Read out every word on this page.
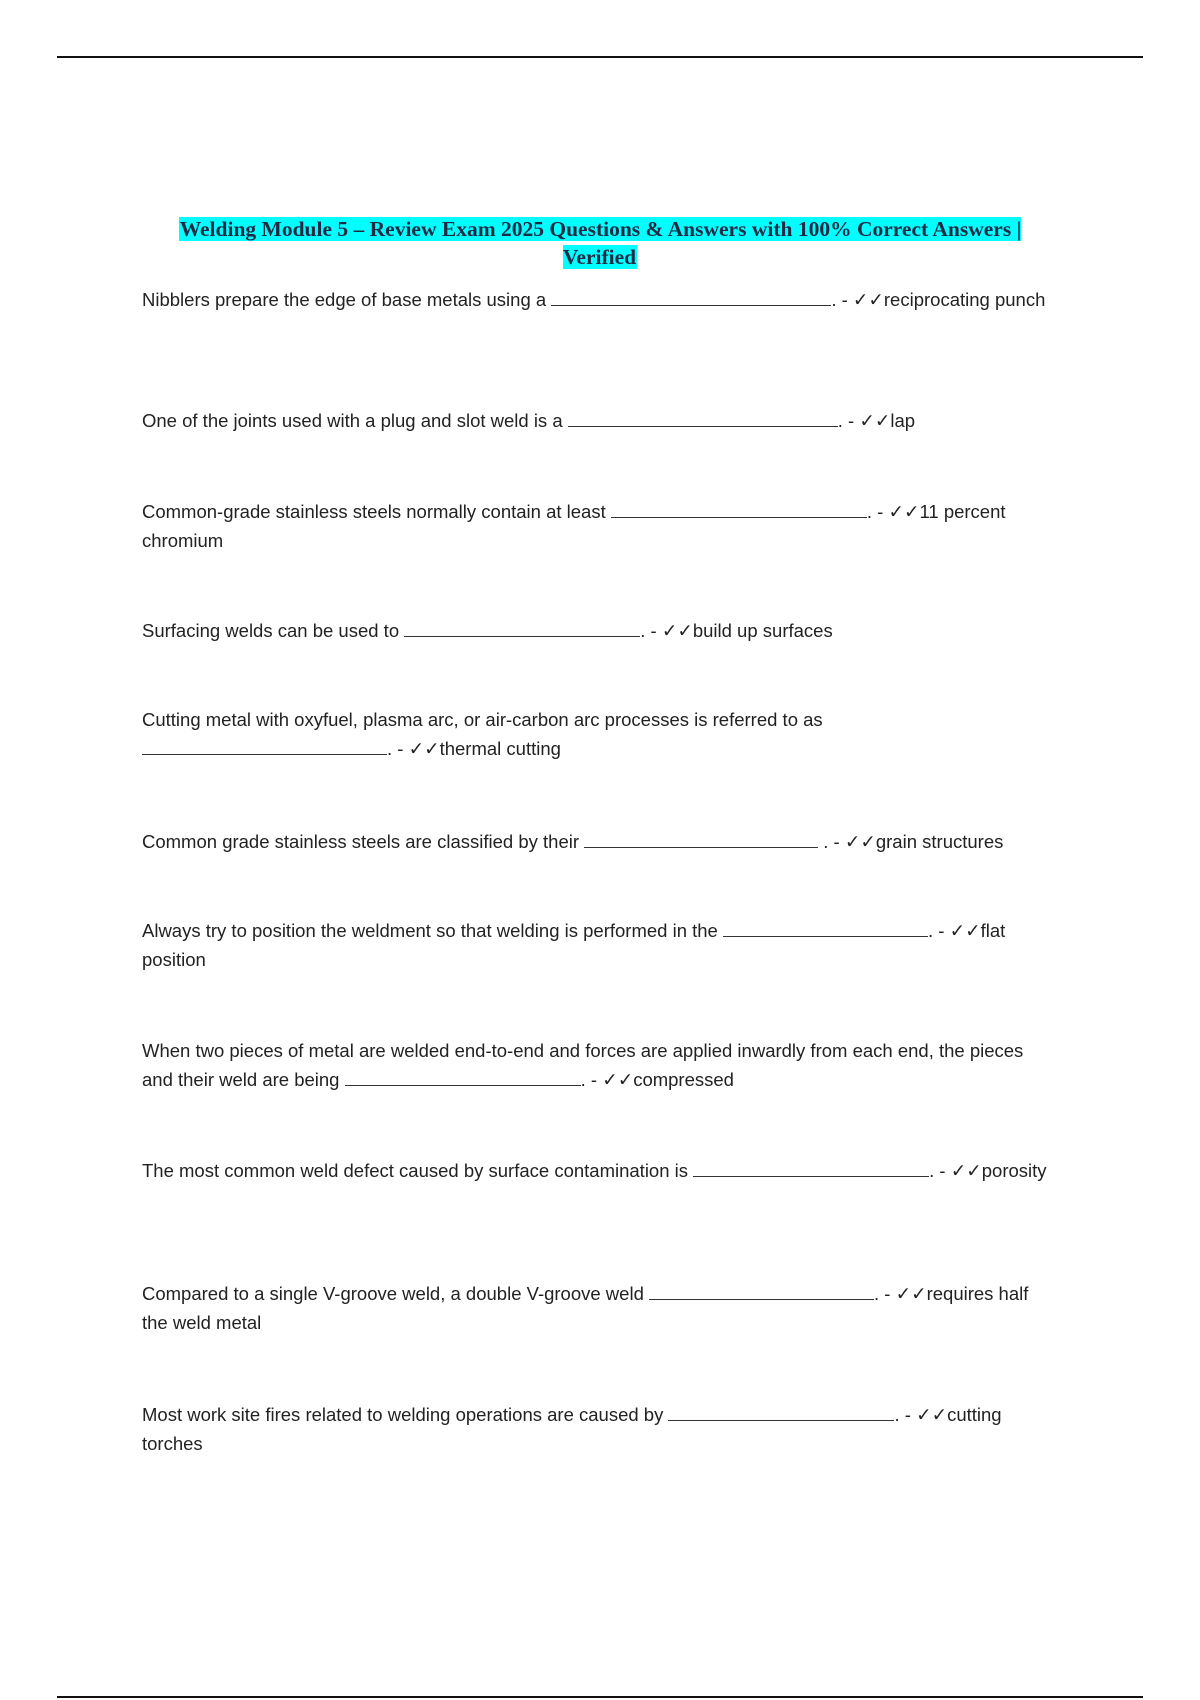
Welding Module 5 – Review Exam 2025 Questions & Answers with 100% Correct Answers | Verified
Nibblers prepare the edge of base metals using a	. - ✓✓reciprocating punch
One of the joints used with a plug and slot weld is a	. - ✓✓lap
Common-grade stainless steels normally contain at least	. - ✓✓11 percent chromium
Surfacing welds can be used to	. - ✓✓build up surfaces
Cutting metal with oxyfuel, plasma arc, or air-carbon arc processes is referred to as . - ✓✓thermal cutting
Common grade stainless steels are classified by their	. - ✓✓grain structures
Always try to position the weldment so that welding is performed in the	. - ✓✓flat position
When two pieces of metal are welded end-to-end and forces are applied inwardly from each end, the pieces and their weld are being	. - ✓✓compressed
The most common weld defect caused by surface contamination is	. - ✓✓porosity
Compared to a single V-groove weld, a double V-groove weld	. - ✓✓requires half the weld metal
Most work site fires related to welding operations are caused by	. - ✓✓cutting torches
